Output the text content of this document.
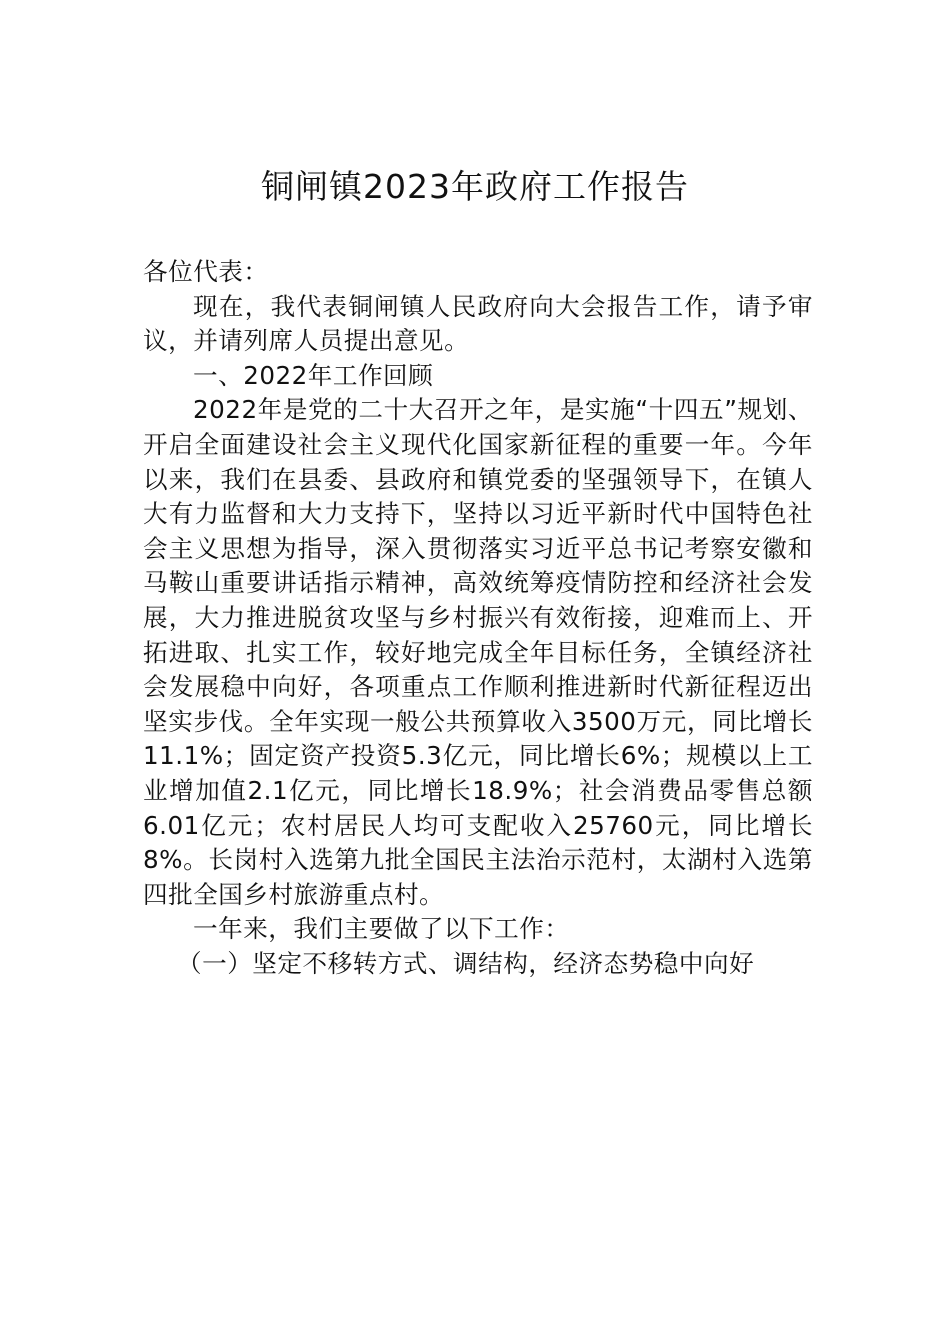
铜闸镇2023年政府工作报告

各位代表：

现在，我代表铜闸镇人民政府向大会报告工作，请予审议，并请列席人员提出意见。

一、2022年工作回顾

2022年是党的二十大召开之年，是实施“十四五”规划、开启全面建设社会主义现代化国家新征程的重要一年。今年以来，我们在县委、县政府和镇党委的坚强领导下，在镇人大有力监督和大力支持下，坚持以习近平新时代中国特色社会主义思想为指导，深入贯彻落实习近平总书记考察安徽和马鞍山重要讲话指示精神，高效统筹疫情防控和经济社会发展，大力推进脱贫攻坚与乡村振兴有效衔接，迎难而上、开拓进取、扎实工作，较好地完成全年目标任务，全镇经济社会发展稳中向好，各项重点工作顺利推进新时代新征程迈出坚实步伐。全年实现一般公共预算收入3500万元，同比增长11.1%；固定资产投资5.3亿元，同比增长6%；规模以上工业增加值2.1亿元，同比增长18.9%；社会消费品零售总额6.01亿元；农村居民人均可支配收入25760元，同比增长8%。长岗村入选第九批全国民主法治示范村，太湖村入选第四批全国乡村旅游重点村。

一年来，我们主要做了以下工作：

（一）坚定不移转方式、调结构，经济态势稳中向好
